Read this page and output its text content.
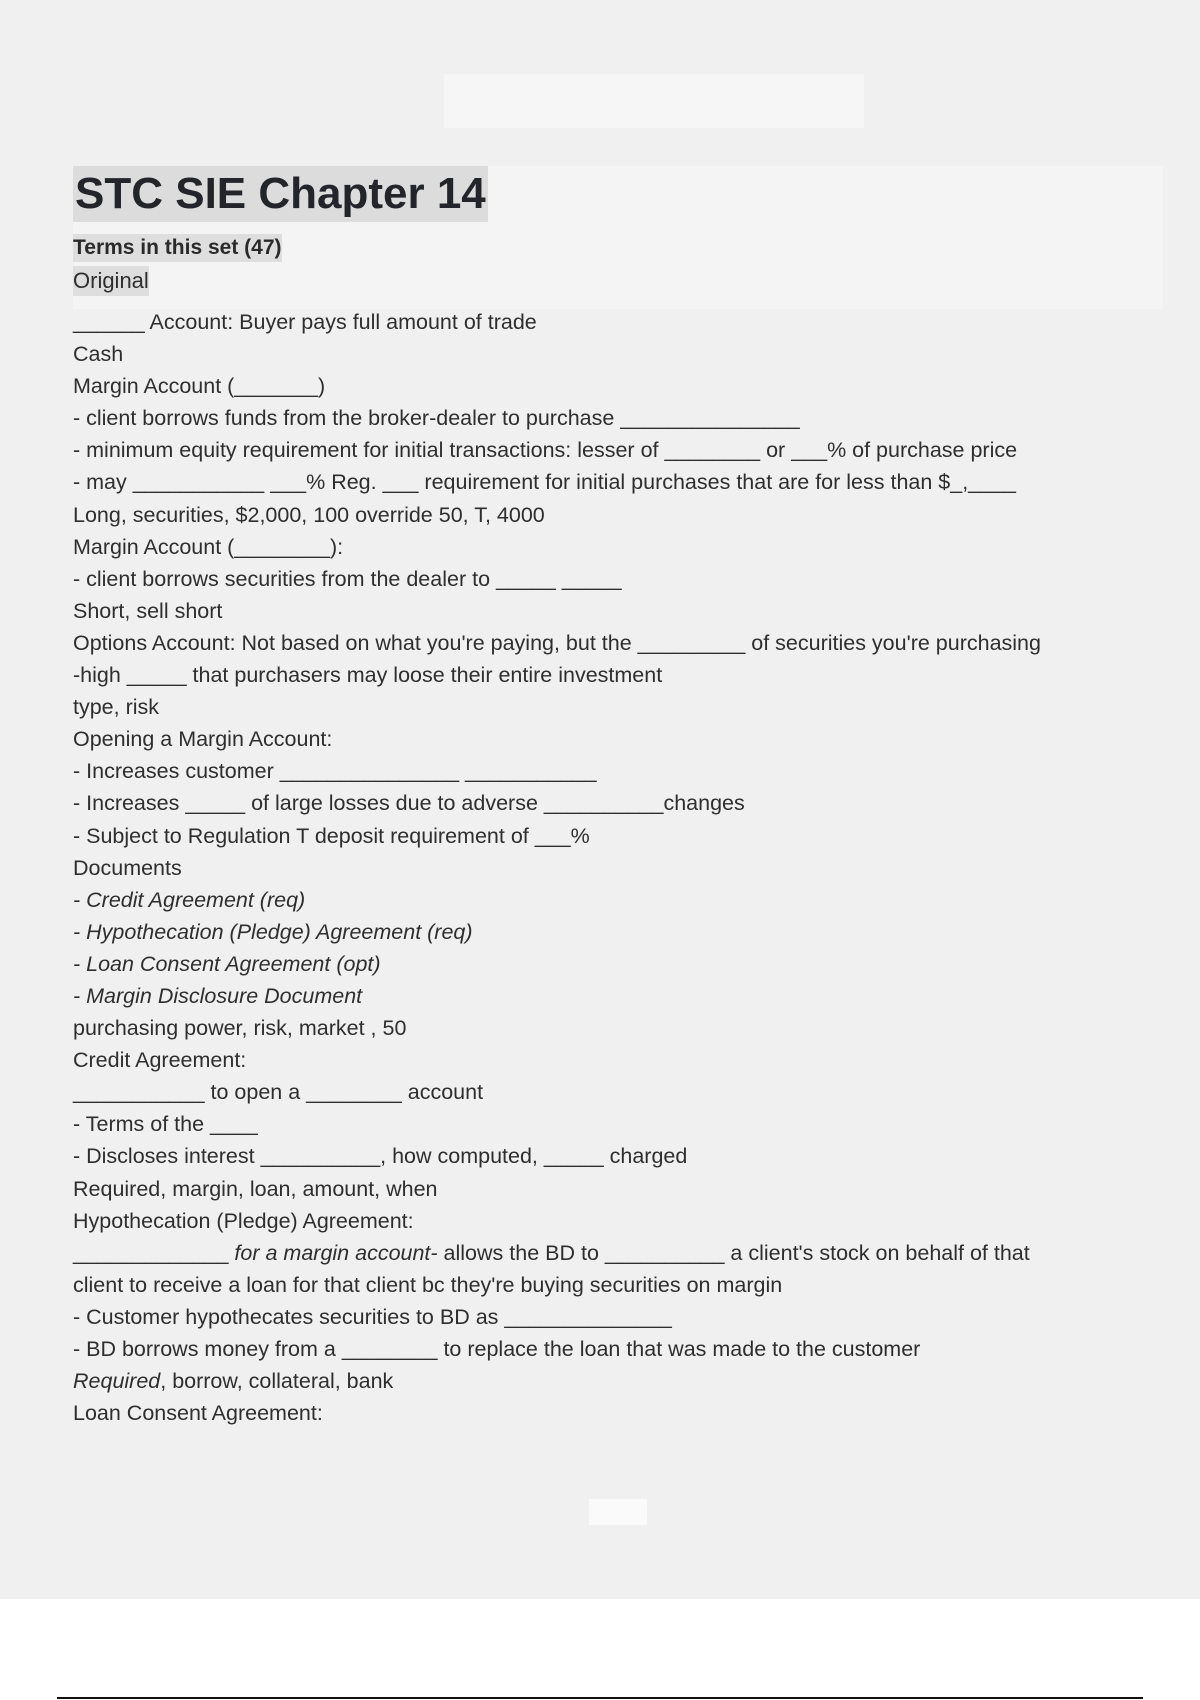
STC SIE Chapter 14
Terms in this set (47)
Original
______ Account: Buyer pays full amount of trade
Cash
Margin Account (_______)
- client borrows funds from the broker-dealer to purchase _______________
- minimum equity requirement for initial transactions: lesser of ________ or ___% of purchase price
- may ___________ ___% Reg. ___ requirement for initial purchases that are for less than $_,____
Long, securities, $2,000, 100 override 50, T, 4000
Margin Account (________):
- client borrows securities from the dealer to _____ _____
Short, sell short
Options Account: Not based on what you're paying, but the _________ of securities you're purchasing
-high _____ that purchasers may loose their entire investment
type, risk
Opening a Margin Account:
- Increases customer _______________ ___________
- Increases _____ of large losses due to adverse __________changes
- Subject to Regulation T deposit requirement of ___%
Documents
- Credit Agreement (req)
- Hypothecation (Pledge) Agreement (req)
- Loan Consent Agreement (opt)
- Margin Disclosure Document
purchasing power, risk, market , 50
Credit Agreement:
___________ to open a ________ account
- Terms of the ____
- Discloses interest __________, how computed, _____ charged
Required, margin, loan, amount, when
Hypothecation (Pledge) Agreement:
_____________ for a margin account- allows the BD to __________ a client's stock on behalf of that
client to receive a loan for that client bc they're buying securities on margin
- Customer hypothecates securities to BD as ______________
- BD borrows money from a ________ to replace the loan that was made to the customer
Required, borrow, collateral, bank
Loan Consent Agreement:
